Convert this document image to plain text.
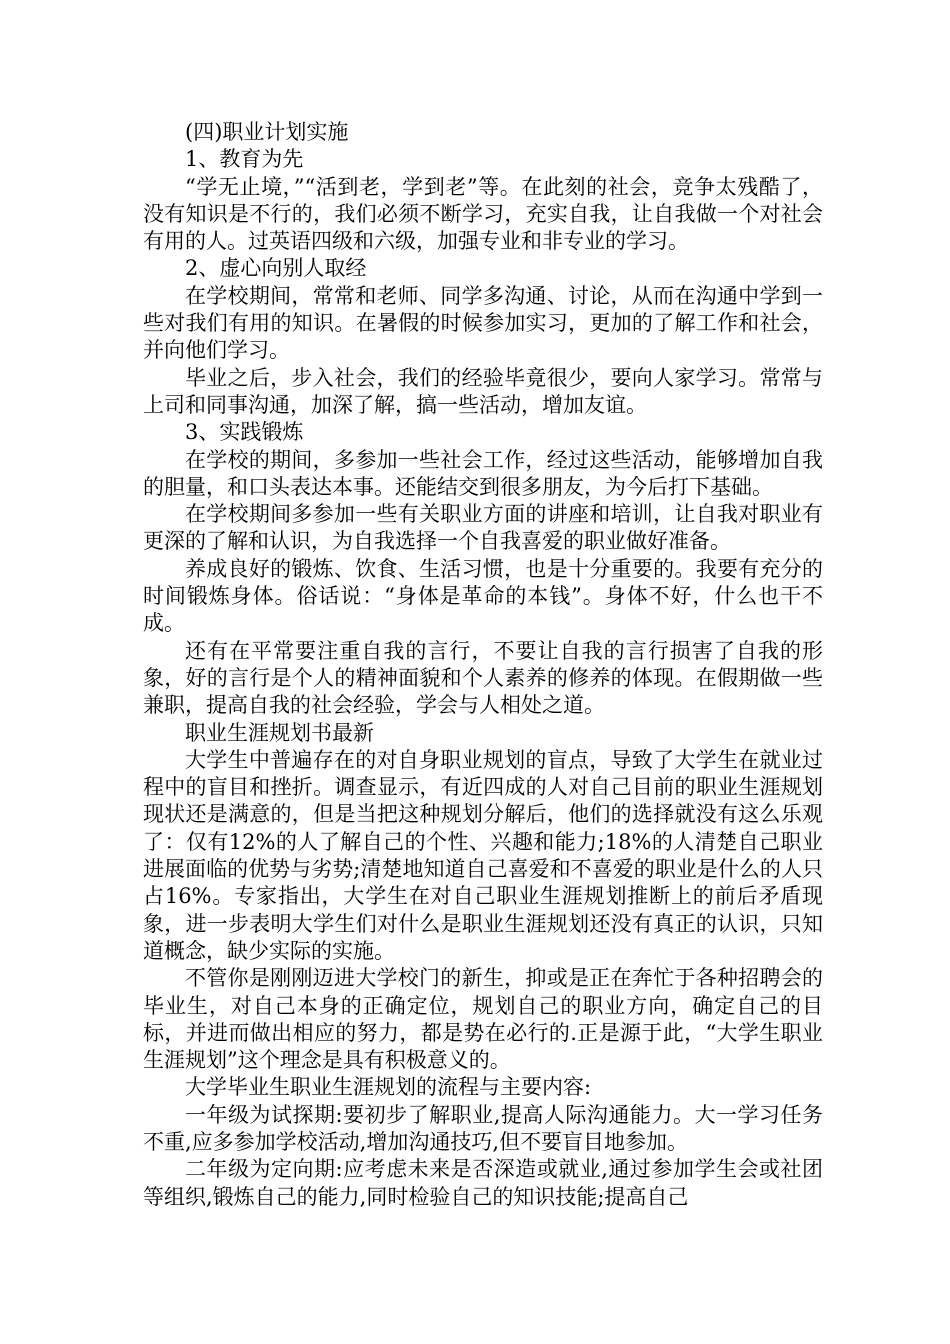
(四)职业计划实施

1、教育为先

“学无止境，”“活到老，学到老”等。在此刻的社会，竞争太残酷了，没有知识是不行的，我们必须不断学习，充实自我，让自我做一个对社会有用的人。过英语四级和六级，加强专业和非专业的学习。

2、虚心向别人取经

在学校期间，常常和老师、同学多沟通、讨论，从而在沟通中学到一些对我们有用的知识。在暑假的时候参加实习，更加的了解工作和社会，并向他们学习。

毕业之后，步入社会，我们的经验毕竟很少，要向人家学习。常常与上司和同事沟通，加深了解，搞一些活动，增加友谊。

3、实践锻炼

在学校的期间，多参加一些社会工作，经过这些活动，能够增加自我的胆量，和口头表达本事。还能结交到很多朋友，为今后打下基础。

在学校期间多参加一些有关职业方面的讲座和培训，让自我对职业有更深的了解和认识，为自我选择一个自我喜爱的职业做好准备。

养成良好的锻炼、饮食、生活习惯，也是十分重要的。我要有充分的时间锻炼身体。俗话说：“身体是革命的本钱”。身体不好，什么也干不成。

还有在平常要注重自我的言行，不要让自我的言行损害了自我的形象，好的言行是个人的精神面貌和个人素养的修养的体现。在假期做一些兼职，提高自我的社会经验，学会与人相处之道。

职业生涯规划书最新

大学生中普遍存在的对自身职业规划的盲点，导致了大学生在就业过程中的盲目和挫折。调查显示，有近四成的人对自己目前的职业生涯规划现状还是满意的，但是当把这种规划分解后，他们的选择就没有这么乐观了：仅有12%的人了解自己的个性、兴趣和能力;18%的人清楚自己职业进展面临的优势与劣势;清楚地知道自己喜爱和不喜爱的职业是什么的人只占16%。专家指出，大学生在对自己职业生涯规划推断上的前后矛盾现象，进一步表明大学生们对什么是职业生涯规划还没有真正的认识，只知道概念，缺少实际的实施。

不管你是刚刚迈进大学校门的新生，抑或是正在奔忙于各种招聘会的毕业生，对自己本身的正确定位，规划自己的职业方向，确定自己的目标，并进而做出相应的努力，都是势在必行的.正是源于此，“大学生职业生涯规划”这个理念是具有积极意义的。

大学毕业生职业生涯规划的流程与主要内容:

一年级为试探期:要初步了解职业,提高人际沟通能力。大一学习任务不重,应多参加学校活动,增加沟通技巧,但不要盲目地参加。

二年级为定向期:应考虑未来是否深造或就业,通过参加学生会或社团等组织,锻炼自己的能力,同时检验自己的知识技能;提高自己
